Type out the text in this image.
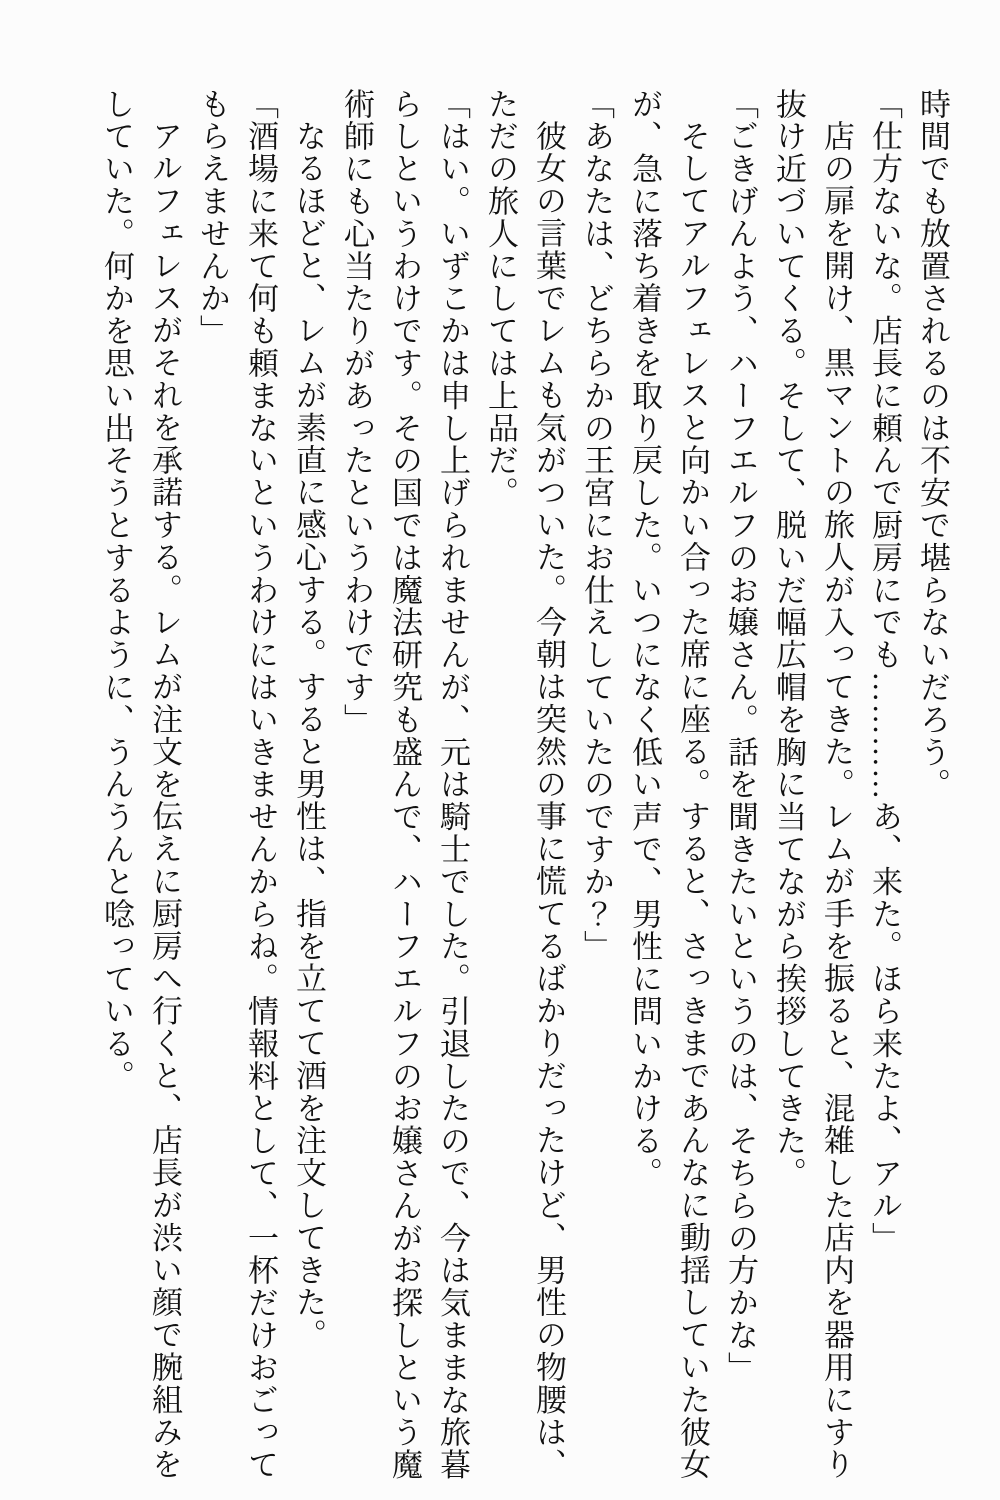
時間でも放置されるのは不安で堪らないだろう。

「仕方ないな。店長に頼んで厨房にでも…………あ、来た。ほら来たよ、アル」

店の扉を開け、黒マントの旅人が入ってきた。レムが手を振ると、混雑した店内を器用にすり抜け近づいてくる。そして、脱いだ幅広帽を胸に当てながら挨拶してきた。

「ごきげんよう、ハーフエルフのお嬢さん。話を聞きたいというのは、そちらの方かな」

そしてアルフェレスと向かい合った席に座る。すると、さっきまであんなに動揺していた彼女が、急に落ち着きを取り戻した。いつになく低い声で、男性に問いかける。

「あなたは、どちらかの王宮にお仕えしていたのですか？」

彼女の言葉でレムも気がついた。今朝は突然の事に慌てるばかりだったけど、男性の物腰は、ただの旅人にしては上品だ。

「はい。いずこかは申し上げられませんが、元は騎士でした。引退したので、今は気ままな旅暮らしというわけです。その国では魔法研究も盛んで、ハーフエルフのお嬢さんがお探しという魔術師にも心当たりがあったというわけです」

なるほどと、レムが素直に感心する。すると男性は、指を立てて酒を注文してきた。

「酒場に来て何も頼まないというわけにはいきませんからね。情報料として、一杯だけおごってもらえませんか」

アルフェレスがそれを承諾する。レムが注文を伝えに厨房へ行くと、店長が渋い顔で腕組みをしていた。何かを思い出そうとするように、うんうんと唸っている。
